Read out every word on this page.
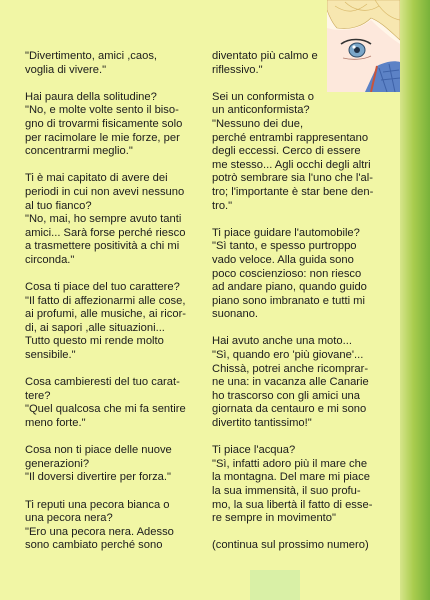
"Divertimento, amici ,caos,
voglia di vivere."

Hai paura della solitudine?
"No, e molte volte sento il biso-
gno di trovarmi fisicamente solo
per racimolare le mie forze, per
concentrarmi meglio."

Ti è mai capitato di avere dei
periodi in cui non avevi nessuno
al tuo fianco?
"No, mai, ho sempre avuto tanti
amici... Sarà forse perché riesco
a trasmettere positività a chi mi
circonda."

Cosa ti piace del tuo carattere?
"Il fatto di affezionarmi alle cose,
ai profumi, alle musiche, ai ricor-
di, ai sapori ,alle situazioni...
Tutto questo mi rende molto
sensibile."

Cosa cambieresti del tuo carat-
tere?
"Quel qualcosa che mi fa sentire
meno forte."

Cosa non ti piace delle nuove
generazioni?
"Il doversi divertire per forza."

Ti reputi una pecora bianca o
una pecora nera?
"Ero una pecora nera. Adesso
sono cambiato perché sono

diventato più calmo e
riflessivo."

Sei un conformista o
un anticonformista?
"Nessuno dei due,
perché entrambi rappresentano
degli eccessi. Cerco di essere
me stesso... Agli occhi degli altri
potrò sembrare sia l'uno che l'al-
tro; l'importante è star bene den-
tro."

Ti piace guidare l'automobile?
"Sì tanto, e spesso purtroppo
vado veloce. Alla guida sono
poco coscienzioso: non riesco
ad andare piano, quando guido
piano sono imbranato e tutti mi
suonano.

Hai avuto anche una moto...
"Sì, quando ero 'più giovane'...
Chissà, potrei anche ricomprar-
ne una: in vacanza alle Canarie
ho trascorso con gli amici una
giornata da centauro e mi sono
divertito tantissimo!"

Ti piace l'acqua?
"Sì, infatti adoro più il mare che
la montagna. Del mare mi piace
la sua immensità, il suo profu-
mo, la sua libertà il fatto di esse-
re sempre in movimento"

(continua sul prossimo numero)
